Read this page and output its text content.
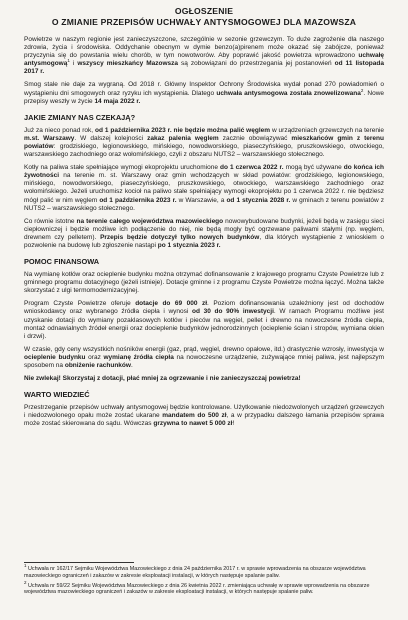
OGŁOSZENIE
O ZMIANIE PRZEPISÓW UCHWAŁY ANTYSMOGOWEJ DLA MAZOWSZA

Powietrze w naszym regionie jest zanieczyszczone, szczególnie w sezonie grzewczym. To duże zagrożenie dla naszego zdrowia, życia i środowiska. Oddychanie obecnym w dymie benzo(a)pirenem może okazać się zabójcze, ponieważ przyczynia się do powstania wielu chorób, w tym nowotworów. Aby poprawić jakość powietrza wprowadzono uchwałę antysmogową$^1$ i wszyscy mieszkańcy Mazowsza są zobowiązani do przestrzegania jej postanowień od 11 listopada 2017 r.

Smog stale nie daje za wygraną. Od 2018 r. Główny Inspektor Ochrony Środowiska wydał ponad 270 powiadomień o wystąpieniu dni smogowych oraz ryzyku ich wystąpienia. Dlatego uchwała antysmogowa została znowelizowana$^2$. Nowe przepisy weszły w życie 14 maja 2022 r.

JAKIE ZMIANY NAS CZEKAJĄ?

Już za nieco ponad rok, od 1 października 2023 r. nie będzie można palić węglem w urządzeniach grzewczych na terenie m.st. Warszawy. W dalszej kolejności zakaz palenia węglem zacznie obowiązywać mieszkańców gmin z terenu powiatów: grodziskiego, legionowskiego, mińskiego, nowodworskiego, piaseczyńskiego, pruszkowskiego, otwockiego, warszawskiego zachodniego oraz wołomińskiego, czyli z obszaru NUTS2 – warszawskiego stołecznego.

Kotły na paliwa stałe spełniające wymogi ekoprojektu uruchomione do 1 czerwca 2022 r. mogą być używane do końca ich żywotności na terenie m. st. Warszawy oraz gmin wchodzących w skład powiatów: grodziskiego, legionowskiego, mińskiego, nowodworskiego, piaseczyńskiego, pruszkowskiego, otwockiego, warszawskiego zachodniego oraz wołomińskiego. Jeżeli uruchomisz kocioł na paliwo stałe spełniający wymogi ekoprojektu po 1 czerwca 2022 r. nie będziesz mógł palić w nim węglem od 1 października 2023 r. w Warszawie, a od 1 stycznia 2028 r. w gminach z terenu powiatów z NUTS2 – warszawskiego stołecznego.

Co równie istotne na terenie całego województwa mazowieckiego nowowybudowane budynki, jeżeli będą w zasięgu sieci ciepłowniczej i będzie możliwe ich podłączenie do niej, nie będą mogły być ogrzewane paliwami stałymi (np. węglem, drewnem czy pelletem). Przepis będzie dotyczył tylko nowych budynków, dla których wystąpienie z wnioskiem o pozwolenie na budowę lub zgłoszenie nastąpi po 1 stycznia 2023 r.

POMOC FINANSOWA

Na wymianę kotłów oraz ocieplenie budynku można otrzymać dofinansowanie z krajowego programu Czyste Powietrze lub z gminnego programu dotacyjnego (jeżeli istnieje). Dotacje gminne i z programu Czyste Powietrze można łączyć. Można także skorzystać z ulgi termomodernizacyjnej.

Program Czyste Powietrze oferuje dotacje do 69 000 zł. Poziom dofinansowania uzależniony jest od dochodów wnioskodawcy oraz wybranego źródła ciepła i wynosi od 30 do 90% inwestycji. W ramach Programu możliwe jest uzyskanie dotacji do wymiany pozaklasowych kotłów i pieców na węgiel, pellet i drewno na nowoczesne źródła ciepła, montaż odnawialnych źródeł energii oraz docieplenie budynków jednorodzinnych (ocieplenie ścian i stropów, wymiana okien i drzwi).

W czasie, gdy ceny wszystkich nośników energii (gaz, prąd, węgiel, drewno opałowe, itd.) drastycznie wzrosły, inwestycja w ocieplenie budynku oraz wymianę źródła ciepła na nowoczesne urządzenie, zużywające mniej paliwa, jest najlepszym sposobem na obniżenie rachunków.

Nie zwlekaj! Skorzystaj z dotacji, płać mniej za ogrzewanie i nie zanieczyszczaj powietrza!

WARTO WIEDZIEĆ

Przestrzeganie przepisów uchwały antysmogowej będzie kontrolowane. Użytkowanie niedozwolonych urządzeń grzewczych i niedozwolonego opału może zostać ukarane mandatem do 500 zł, a w przypadku dalszego łamania przepisów sprawa może zostać skierowana do sądu. Wówczas grzywna to nawet 5 000 zł!

$^1$ Uchwała nr 162/17 Sejmiku Województwa Mazowieckiego z dnia 24 października 2017 r. w sprawie wprowadzenia na obszarze województwa mazowieckiego ograniczeń i zakazów w zakresie eksploatacji instalacji, w których następuje spalanie paliw.

$^2$ Uchwała nr 59/22 Sejmiku Województwa Mazowieckiego z dnia 26 kwietnia 2022 r. zmieniająca uchwałę w sprawie wprowadzenia na obszarze województwa mazowieckiego ograniczeń i zakazów w zakresie eksploatacji instalacji, w których następuje spalanie paliw.
